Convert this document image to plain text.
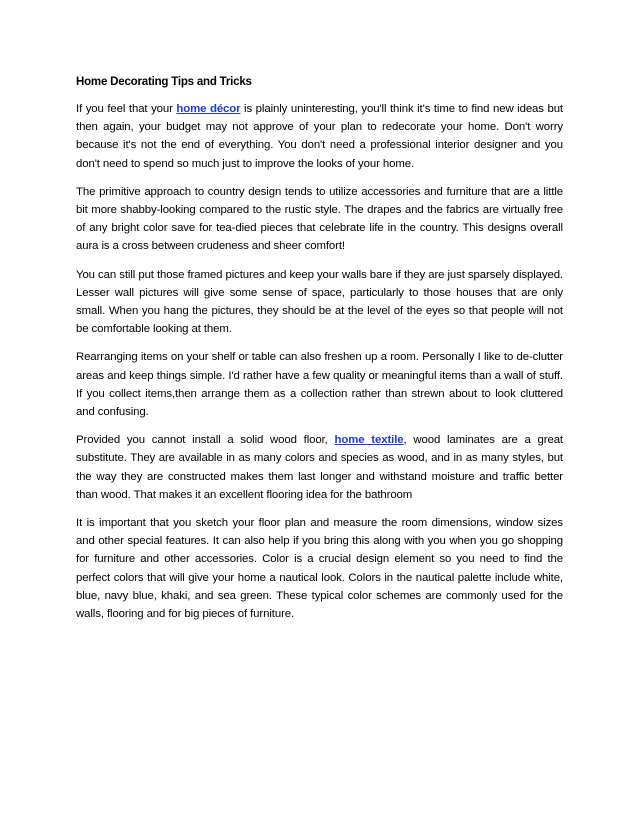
Home Decorating Tips and Tricks

If you feel that your home décor is plainly uninteresting, you'll think it's time to find new ideas but then again, your budget may not approve of your plan to redecorate your home. Don't worry because it's not the end of everything. You don't need a professional interior designer and you don't need to spend so much just to improve the looks of your home.

The primitive approach to country design tends to utilize accessories and furniture that are a little bit more shabby-looking compared to the rustic style. The drapes and the fabrics are virtually free of any bright color save for tea-died pieces that celebrate life in the country. This designs overall aura is a cross between crudeness and sheer comfort!

You can still put those framed pictures and keep your walls bare if they are just sparsely displayed. Lesser wall pictures will give some sense of space, particularly to those houses that are only small. When you hang the pictures, they should be at the level of the eyes so that people will not be comfortable looking at them.

Rearranging items on your shelf or table can also freshen up a room. Personally I like to de-clutter areas and keep things simple. I'd rather have a few quality or meaningful items than a wall of stuff. If you collect items,then arrange them as a collection rather than strewn about to look cluttered and confusing.

Provided you cannot install a solid wood floor, home textile, wood laminates are a great substitute. They are available in as many colors and species as wood, and in as many styles, but the way they are constructed makes them last longer and withstand moisture and traffic better than wood. That makes it an excellent flooring idea for the bathroom

It is important that you sketch your floor plan and measure the room dimensions, window sizes and other special features. It can also help if you bring this along with you when you go shopping for furniture and other accessories. Color is a crucial design element so you need to find the perfect colors that will give your home a nautical look. Colors in the nautical palette include white, blue, navy blue, khaki, and sea green. These typical color schemes are commonly used for the walls, flooring and for big pieces of furniture.
